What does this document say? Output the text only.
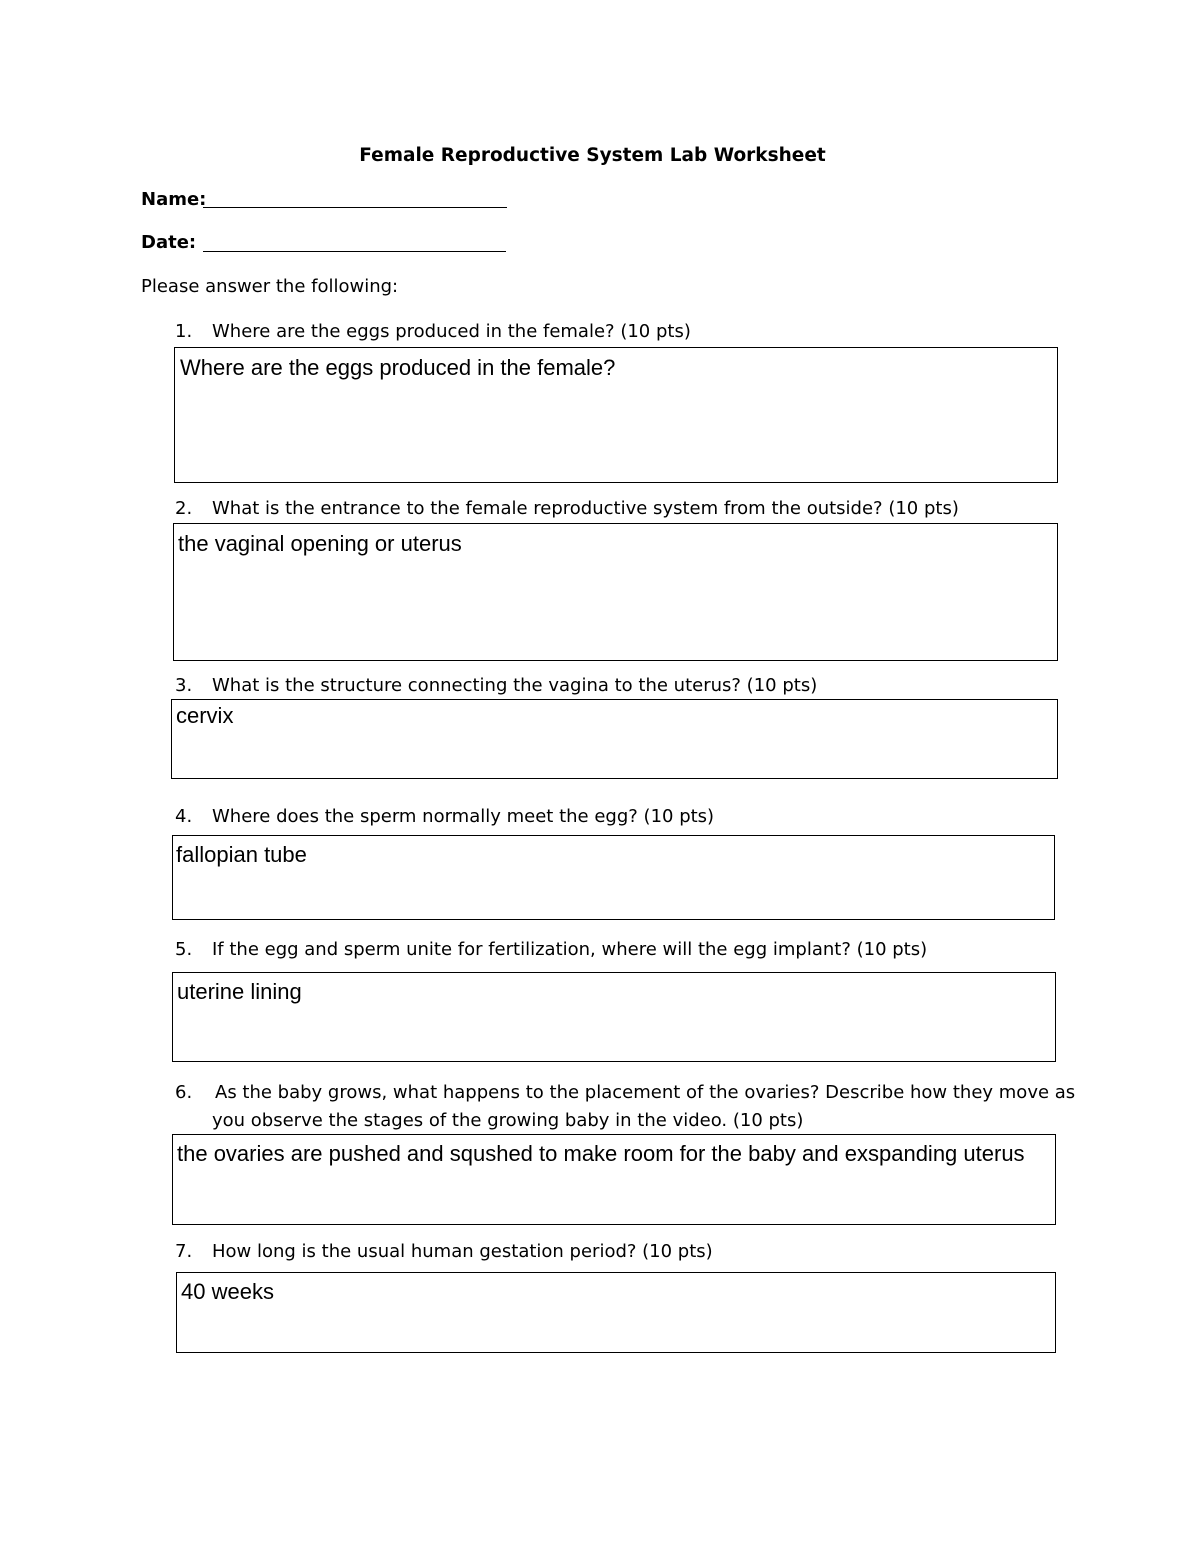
Female Reproductive System Lab Worksheet
Name:
Date:
Please answer the following:
1. Where are the eggs produced in the female? (10 pts)
Where are the eggs produced in the female?
2. What is the entrance to the female reproductive system from the outside? (10 pts)
the vaginal opening or uterus
3. What is the structure connecting the vagina to the uterus? (10 pts)
cervix
4. Where does the sperm normally meet the egg? (10 pts)
fallopian tube
5. If the egg and sperm unite for fertilization, where will the egg implant? (10 pts)
uterine lining
6. As the baby grows, what happens to the placement of the ovaries? Describe how they move as
you observe the stages of the growing baby in the video. (10 pts)
the ovaries are pushed and squshed to make room for the baby and exspanding uterus
7. How long is the usual human gestation period? (10 pts)
40 weeks
